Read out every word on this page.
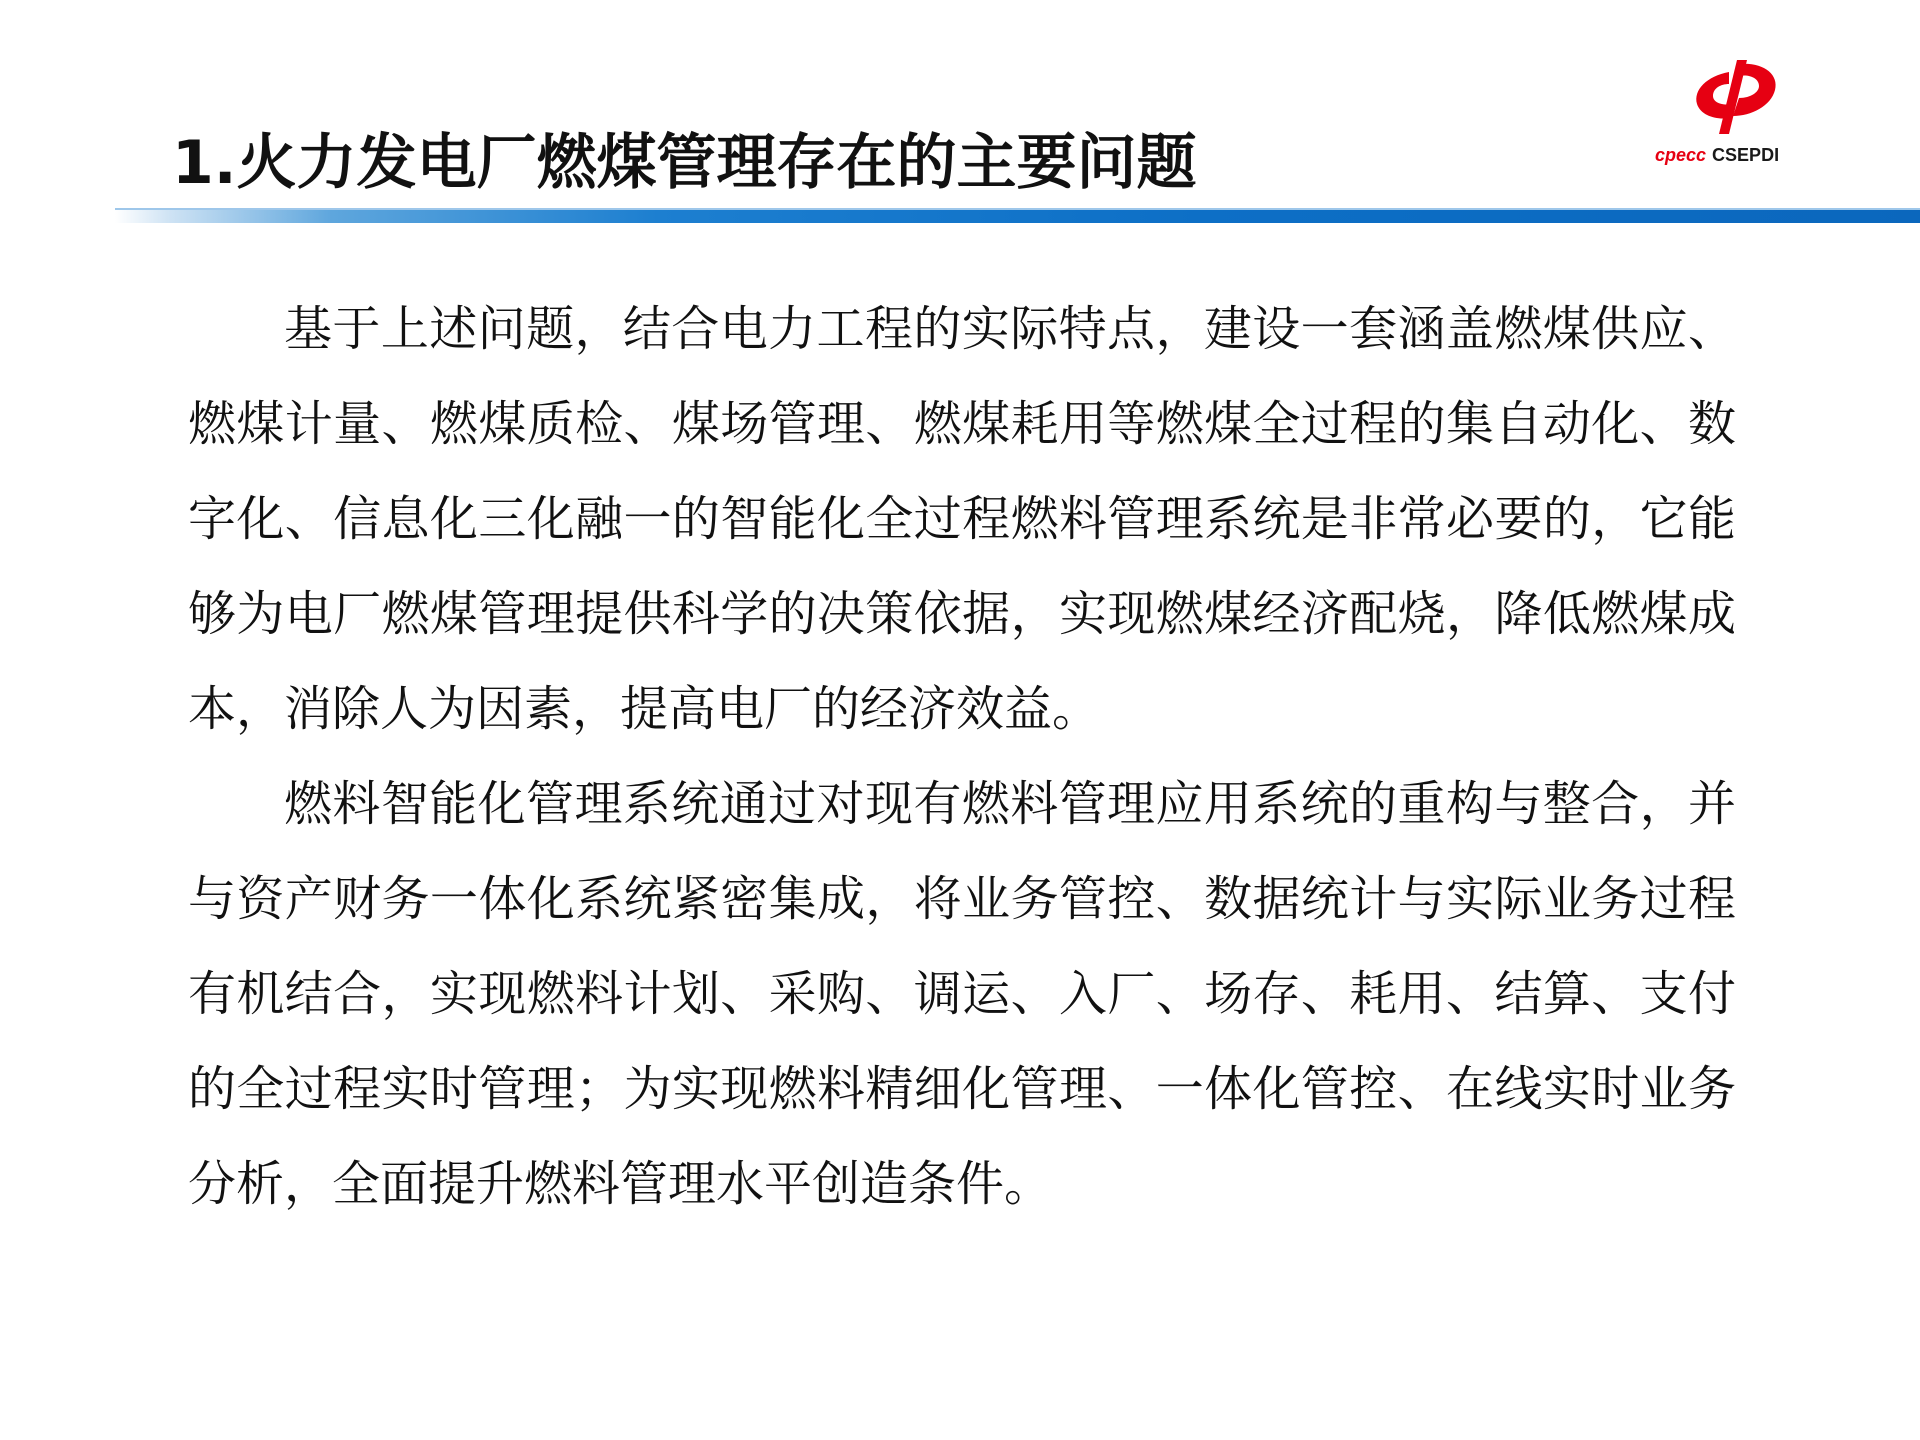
1.火力发电厂燃煤管理存在的主要问题	cpecc CSEPDI

基于上述问题，结合电力工程的实际特点，建设一套涵盖燃煤供应、燃煤计量、燃煤质检、煤场管理、燃煤耗用等燃煤全过程的集自动化、数字化、信息化三化融一的智能化全过程燃料管理系统是非常必要的，它能够为电厂燃煤管理提供科学的决策依据，实现燃煤经济配烧，降低燃煤成本，消除人为因素，提高电厂的经济效益。

燃料智能化管理系统通过对现有燃料管理应用系统的重构与整合，并与资产财务一体化系统紧密集成，将业务管控、数据统计与实际业务过程有机结合，实现燃料计划、采购、调运、入厂、场存、耗用、结算、支付的全过程实时管理；为实现燃料精细化管理、一体化管控、在线实时业务分析，全面提升燃料管理水平创造条件。
